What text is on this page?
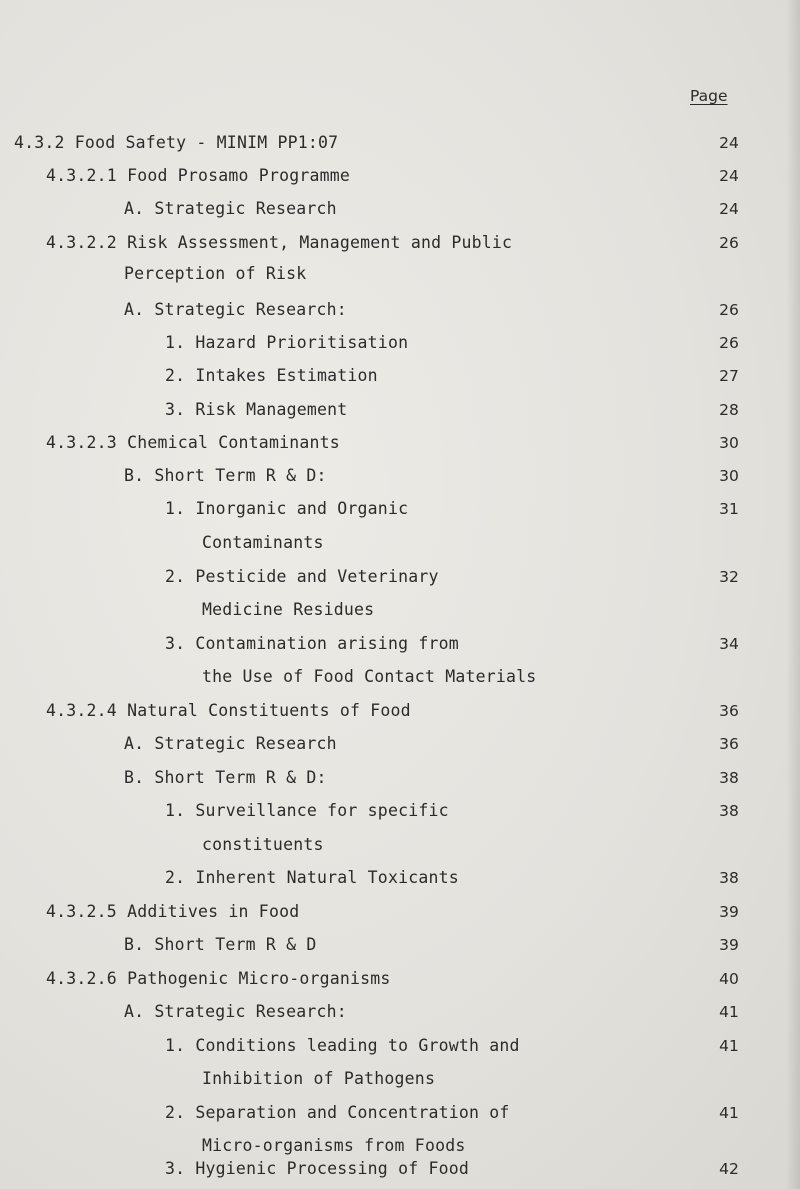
Page
4.3.2 Food Safety - MINIM PP1:07
4.3.2.1 Food Prosamo Programme
A. Strategic Research
4.3.2.2 Risk Assessment, Management and Public
Perception of Risk
A. Strategic Research:
1. Hazard Prioritisation
2. Intakes Estimation
3. Risk Management
4.3.2.3 Chemical Contaminants
B. Short Term R & D:
1. Inorganic and Organic
Contaminants
2. Pesticide and Veterinary
Medicine Residues
3. Contamination arising from
the Use of Food Contact Materials
4.3.2.4 Natural Constituents of Food
A. Strategic Research
B. Short Term R & D:
1. Surveillance for specific
constituents
2. Inherent Natural Toxicants
4.3.2.5 Additives in Food
B. Short Term R & D
4.3.2.6 Pathogenic Micro-organisms
A. Strategic Research:
1. Conditions leading to Growth and
Inhibition of Pathogens
2. Separation and Concentration of
Micro-organisms from Foods
3. Hygienic Processing of Food
24
24
24
26
26
26
27
28
30
30
31
32
34
36
36
38
38
38
39
39
40
41
41
41
42
